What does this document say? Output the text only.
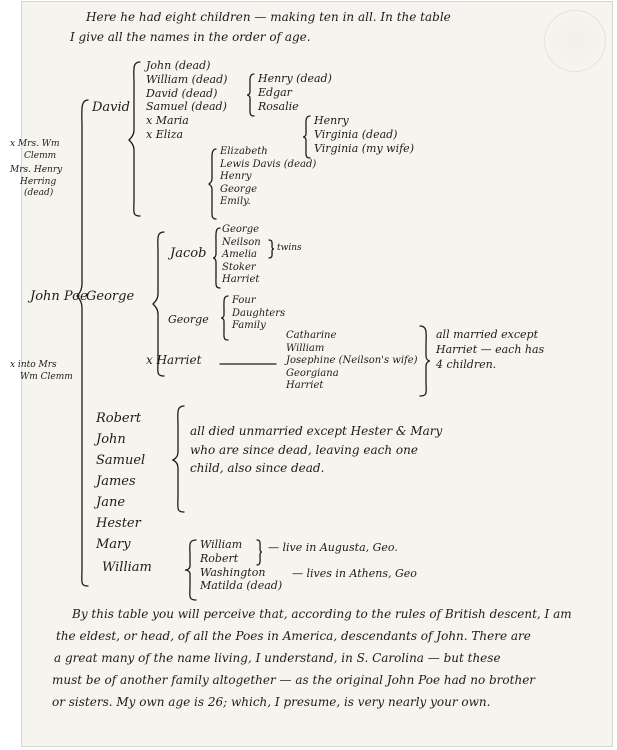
Here he had eight children — making ten in all. In the table
I give all the names in the order of age.
x Mrs. Wm
Clemm
Mrs. Henry
Herring
(dead)
x into Mrs
Wm Clemm
John Poe
David
John (dead)
William (dead)
David (dead)
Samuel (dead)
x Maria
x Eliza
Henry (dead)
Edgar
Rosalie
Henry
Virginia (dead)
Virginia (my wife)
Elizabeth
Lewis Davis (dead)
Henry
George
Emily.
George
Jacob
George
Neilson
Amelia
Stoker
Harriet
twins
George
Four
Daughters
Family
x Harriet
Catharine
William
Josephine (Neilson's wife)
Georgiana
Harriet
all married except
Harriet — each has
4 children.
Robert
John
Samuel
James
Jane
Hester
Mary
all died unmarried except Hester & Mary
who are since dead, leaving each one
child, also since dead.
William
William
Robert
Washington
Matilda (dead)
— live in Augusta, Geo.
— lives in Athens, Geo
By this table you will perceive that, according to the rules of British descent, I am
the eldest, or head, of all the Poes in America, descendants of John. There are
a great many of the name living, I understand, in S. Carolina — but these
must be of another family altogether — as the original John Poe had no brother
or sisters. My own age is 26; which, I presume, is very nearly your own.
